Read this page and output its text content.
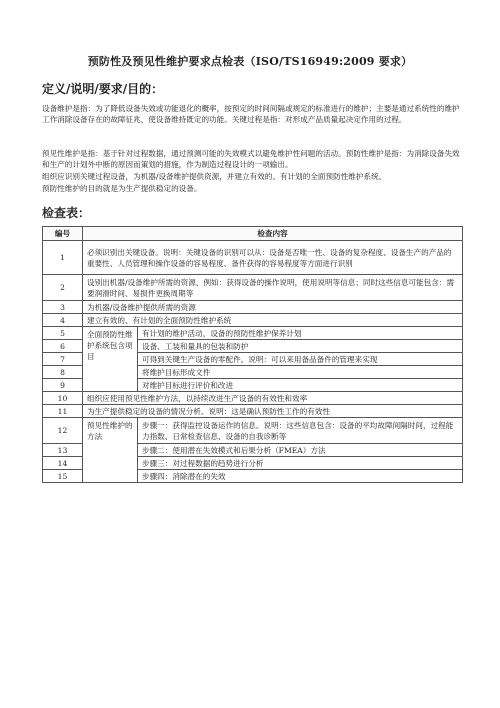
预防性及预见性维护要求点检表（ISO/TS16949:2009 要求）
定义/说明/要求/目的：
设备维护是指：为了降低设备失效或功能退化的概率，按预定的时间间隔或规定的标准进行的维护；主要是通过系统性的维护工作消除设备存在的故障征兆，使设备维持既定的功能。关键过程是指：对形成产品质量起决定作用的过程。
预见性维护是指：基于针对过程数据，通过预测可能的失效模式以避免维护性问题的活动。预防性维护是指：为消除设备失效和生产的计划外中断的原因而策划的措施，作为制造过程设计的一项输出。
组织应识别关键过程设备，为机器/设备维护提供资源，并建立有效的、有计划的全面预防性维护系统。
预防性维护的目的就是为生产提供稳定的设备。
检查表：
编号	检查内容	
1	必须识别出关键设备。说明：关键设备的识别可以从：设备是否唯一性、设备的复杂程度、设备生产的产品的重要性、人员管理和操作设备的容易程度、备件获得的容易程度等方面进行识别	
2	设别出机器/设备维护所需的资源，例如：获得设备的操作说明，使用说明等信息；同时这些信息可能包含：需要润滑时间、易损件更换周期等	
3	为机器/设备维护提供所需的资源	
4	建立有效的、有计划的全面预防性维护系统	
5	全面预防性维护系统包含项目	有计划的维护活动，设备的预防性维护保养计划
6		设备、工装和量具的包装和防护
7		可得到关键生产设备的零配件。说明：可以来用备品备件的管理来实现
8		将维护目标形成文件
9		对维护目标进行评价和改进
10	组织应使用预见性维护方法，以持续改进生产设备的有效性和效率	
11	为生产提供稳定的设备的情况分析。说明：这是确认预防性工作的有效性	
12	预见性维护的方法	步骤一：获得监控设备运作的信息。说明：这些信息包含：设备的平均故障间隔时间，过程能力指数、日常检查信息、设备的自我诊断等
13		步骤二：使用潜在失效模式和后果分析（FMEA）方法
14		步骤三：对过程数据的趋势进行分析
15		步骤四：消除潜在的失效
